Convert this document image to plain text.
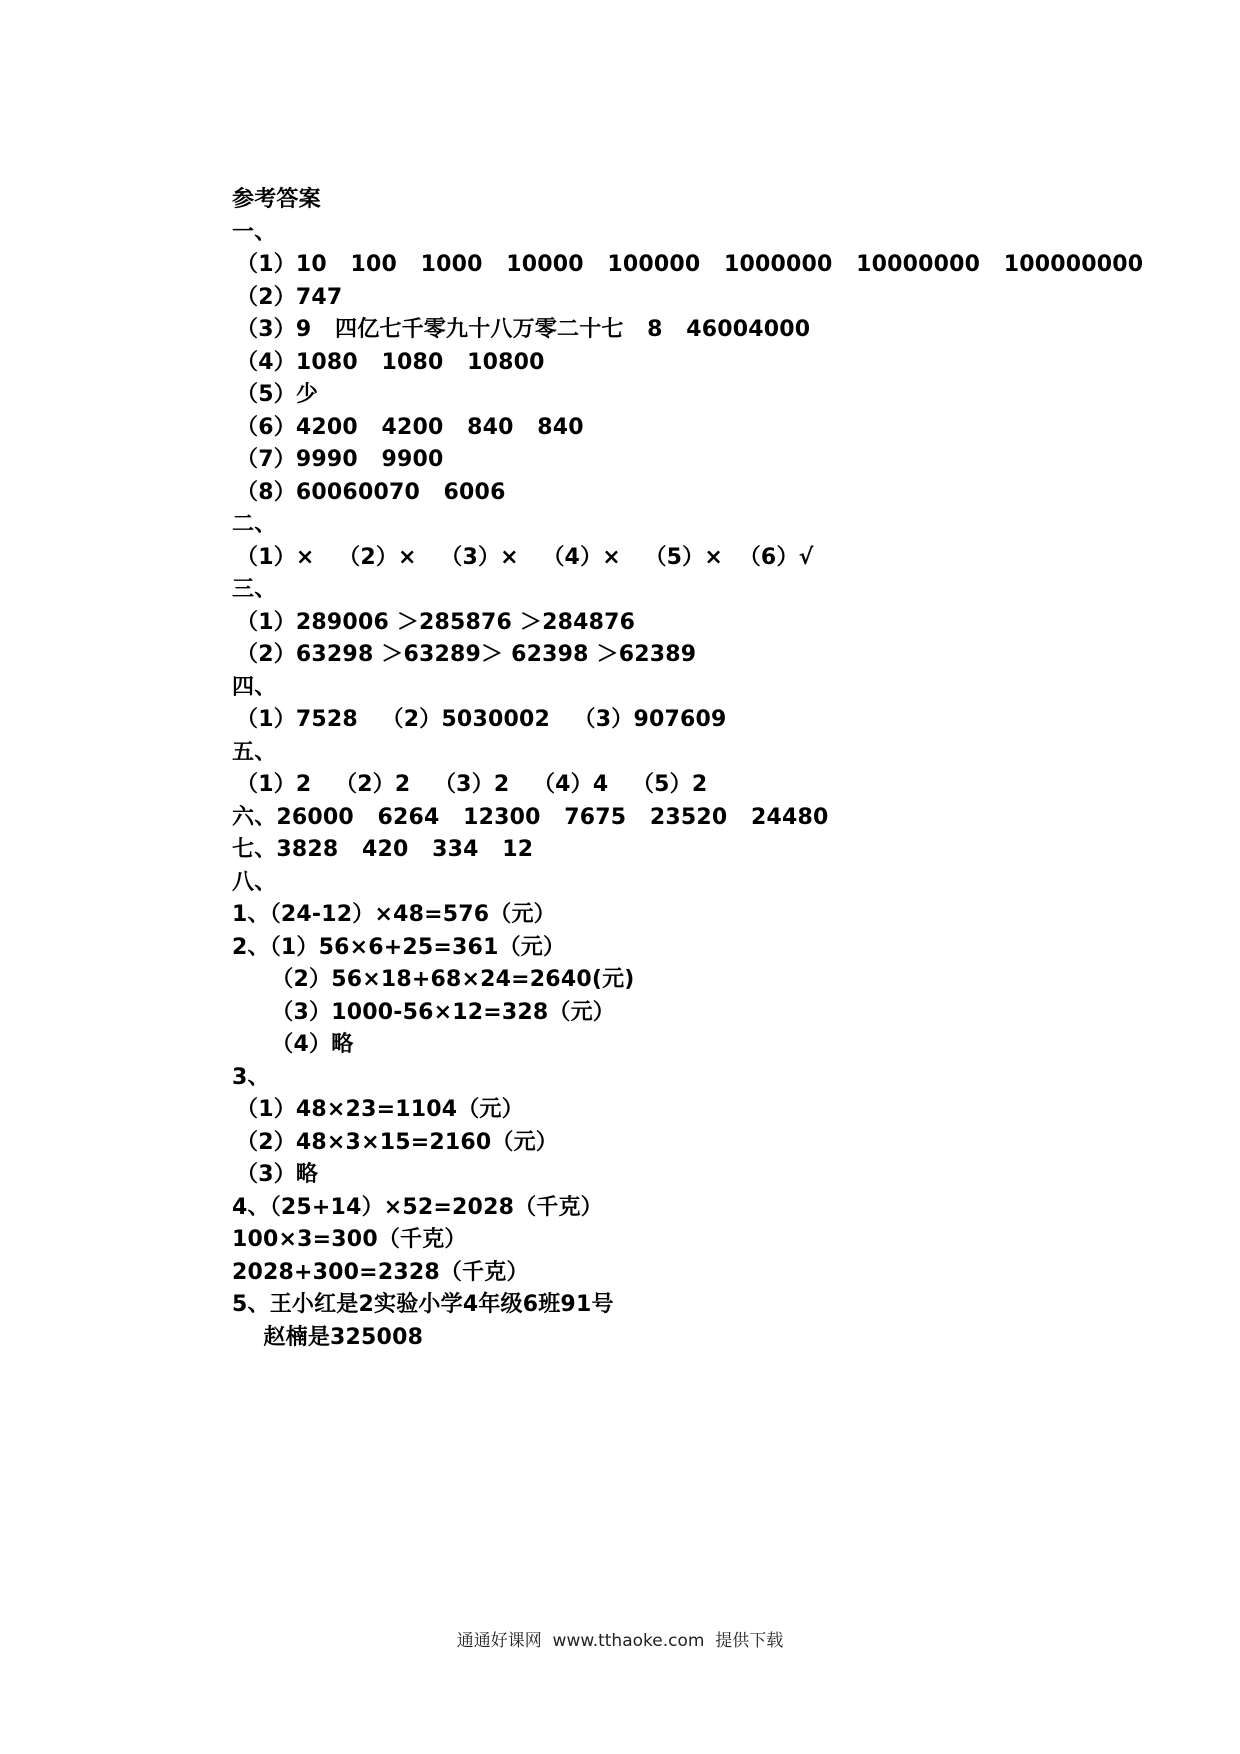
参考答案
一、
（1）10   100   1000   10000   100000   1000000   10000000   100000000
（2）747
（3）9   四亿七千零九十八万零二十七   8   46004000
（4）1080   1080   10800
（5）少
（6）4200   4200   840   840
（7）9990   9900
（8）60060070   6006
二、
（1）×   （2）×   （3）×   （4）×   （5）×  （6）√
三、
（1）289006 ＞285876 ＞284876
（2）63298 ＞63289＞ 62398 ＞62389
四、
（1）7528   （2）5030002   （3）907609
五、
（1）2   （2）2   （3）2   （4）4   （5）2
六、26000   6264   12300   7675   23520   24480
七、3828   420   334   12
八、
1、（24-12）×48=576（元）
2、（1）56×6+25=361（元）
（2）56×18+68×24=2640(元)
（3）1000-56×12=328（元）
（4）略
3、
（1）48×23=1104（元）
（2）48×3×15=2160（元）
（3）略
4、（25+14）×52=2028（千克）
100×3=300（千克）
2028+300=2328（千克）
5、王小红是2实验小学4年级6班91号
赵楠是325008
通通好课网  www.tthaoke.com  提供下载
